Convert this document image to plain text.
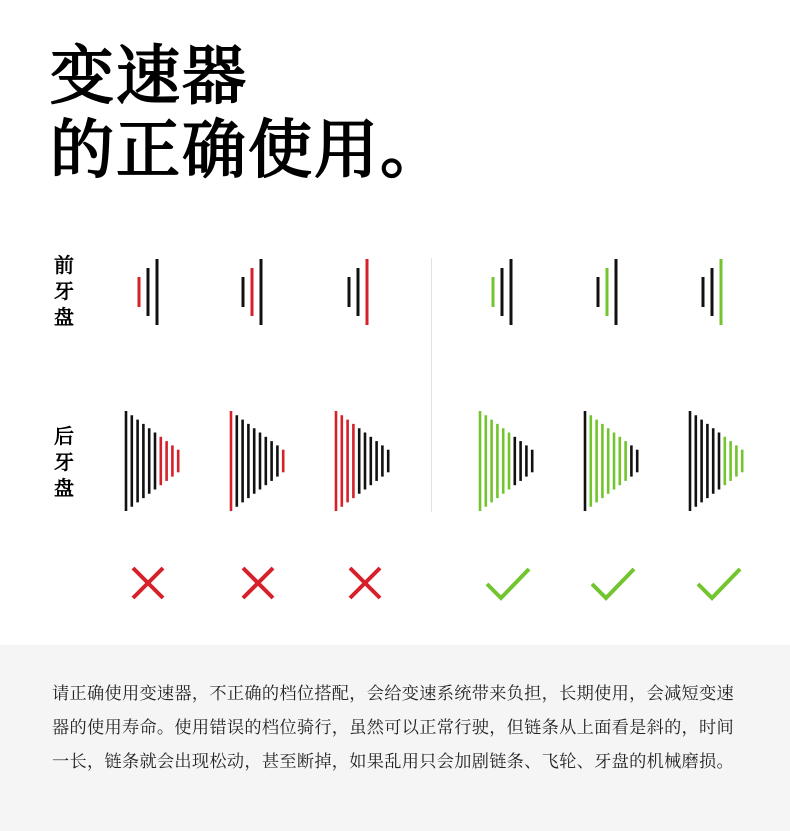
变速器
的正确使用。
前
牙
盘
后
牙
盘

请正确使用变速器，不正确的档位搭配，会给变速系统带来负担，长期使用，会减短变速器的使用寿命。使用错误的档位骑行，虽然可以正常行驶，但链条从上面看是斜的，时间一长，链条就会出现松动，甚至断掉，如果乱用只会加剧链条、飞轮、牙盘的机械磨损。
